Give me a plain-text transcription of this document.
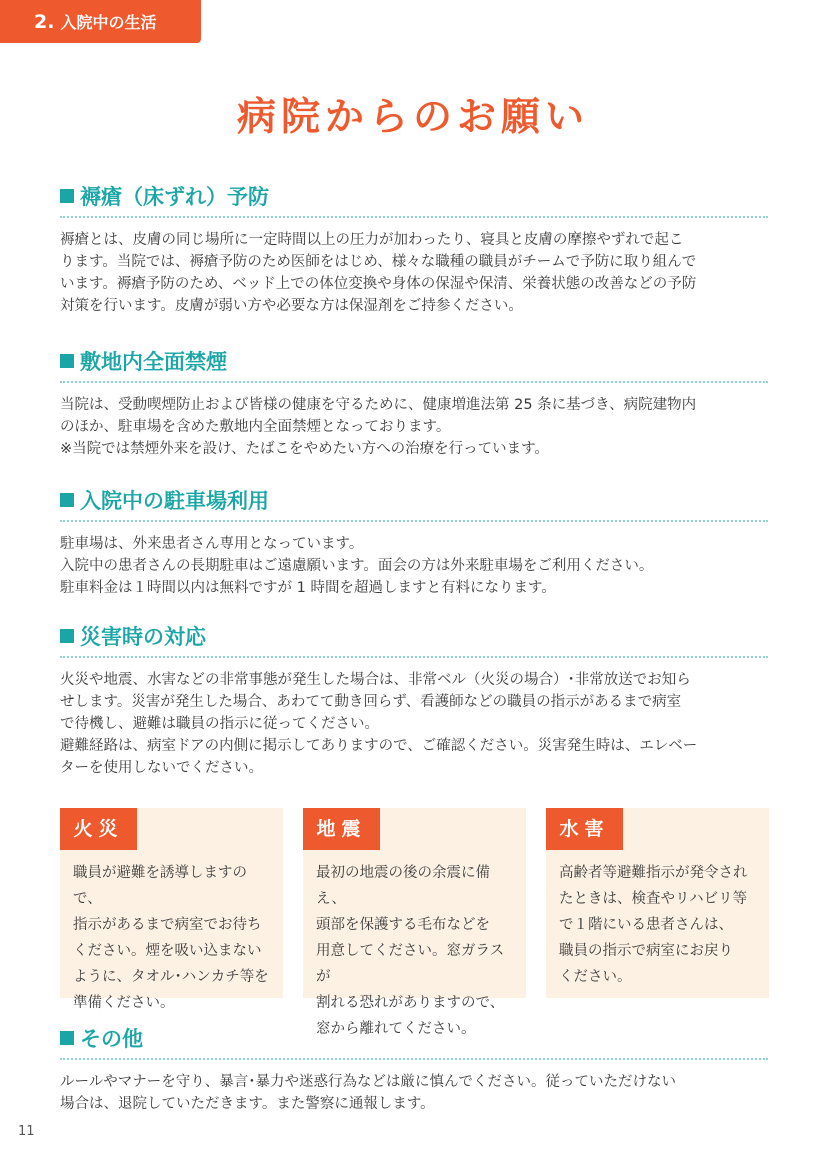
2. 入院中の生活
病院からのお願い
褥瘡（床ずれ）予防

褥瘡とは、皮膚の同じ場所に一定時間以上の圧力が加わったり、寝具と皮膚の摩擦やずれで起こ
ります。当院では、褥瘡予防のため医師をはじめ、様々な職種の職員がチームで予防に取り組んで
います。褥瘡予防のため、ベッド上での体位変換や身体の保湿や保清、栄養状態の改善などの予防
対策を行います。皮膚が弱い方や必要な方は保湿剤をご持参ください。

敷地内全面禁煙

当院は、受動喫煙防止および皆様の健康を守るために、健康増進法第 25 条に基づき、病院建物内
のほか、駐車場を含めた敷地内全面禁煙となっております。
※当院では禁煙外来を設け、たばこをやめたい方への治療を行っています。

入院中の駐車場利用

駐車場は、外来患者さん専用となっています。
入院中の患者さんの長期駐車はご遠慮願います。面会の方は外来駐車場をご利用ください。
駐車料金は１時間以内は無料ですが 1 時間を超過しますと有料になります。

災害時の対応

火災や地震、水害などの非常事態が発生した場合は、非常ベル（火災の場合）･非常放送でお知ら
せします。災害が発生した場合、あわてて動き回らず、看護師などの職員の指示があるまで病室
で待機し、避難は職員の指示に従ってください。
避難経路は、病室ドアの内側に掲示してありますので、ご確認ください。災害発生時は、エレベー
ターを使用しないでください。

火災
職員が避難を誘導しますので、
指示があるまで病室でお待ち
ください。煙を吸い込まない
ように、タオル･ハンカチ等を
準備ください。
地震
最初の地震の後の余震に備え、
頭部を保護する毛布などを
用意してください。窓ガラスが
割れる恐れがありますので、
窓から離れてください。
水害
高齢者等避難指示が発令され
たときは、検査やリハビリ等
で１階にいる患者さんは、
職員の指示で病室にお戻り
ください。
その他

ルールやマナーを守り、暴言･暴力や迷惑行為などは厳に慎んでください。従っていただけない
場合は、退院していただきます。また警察に通報します。

11
